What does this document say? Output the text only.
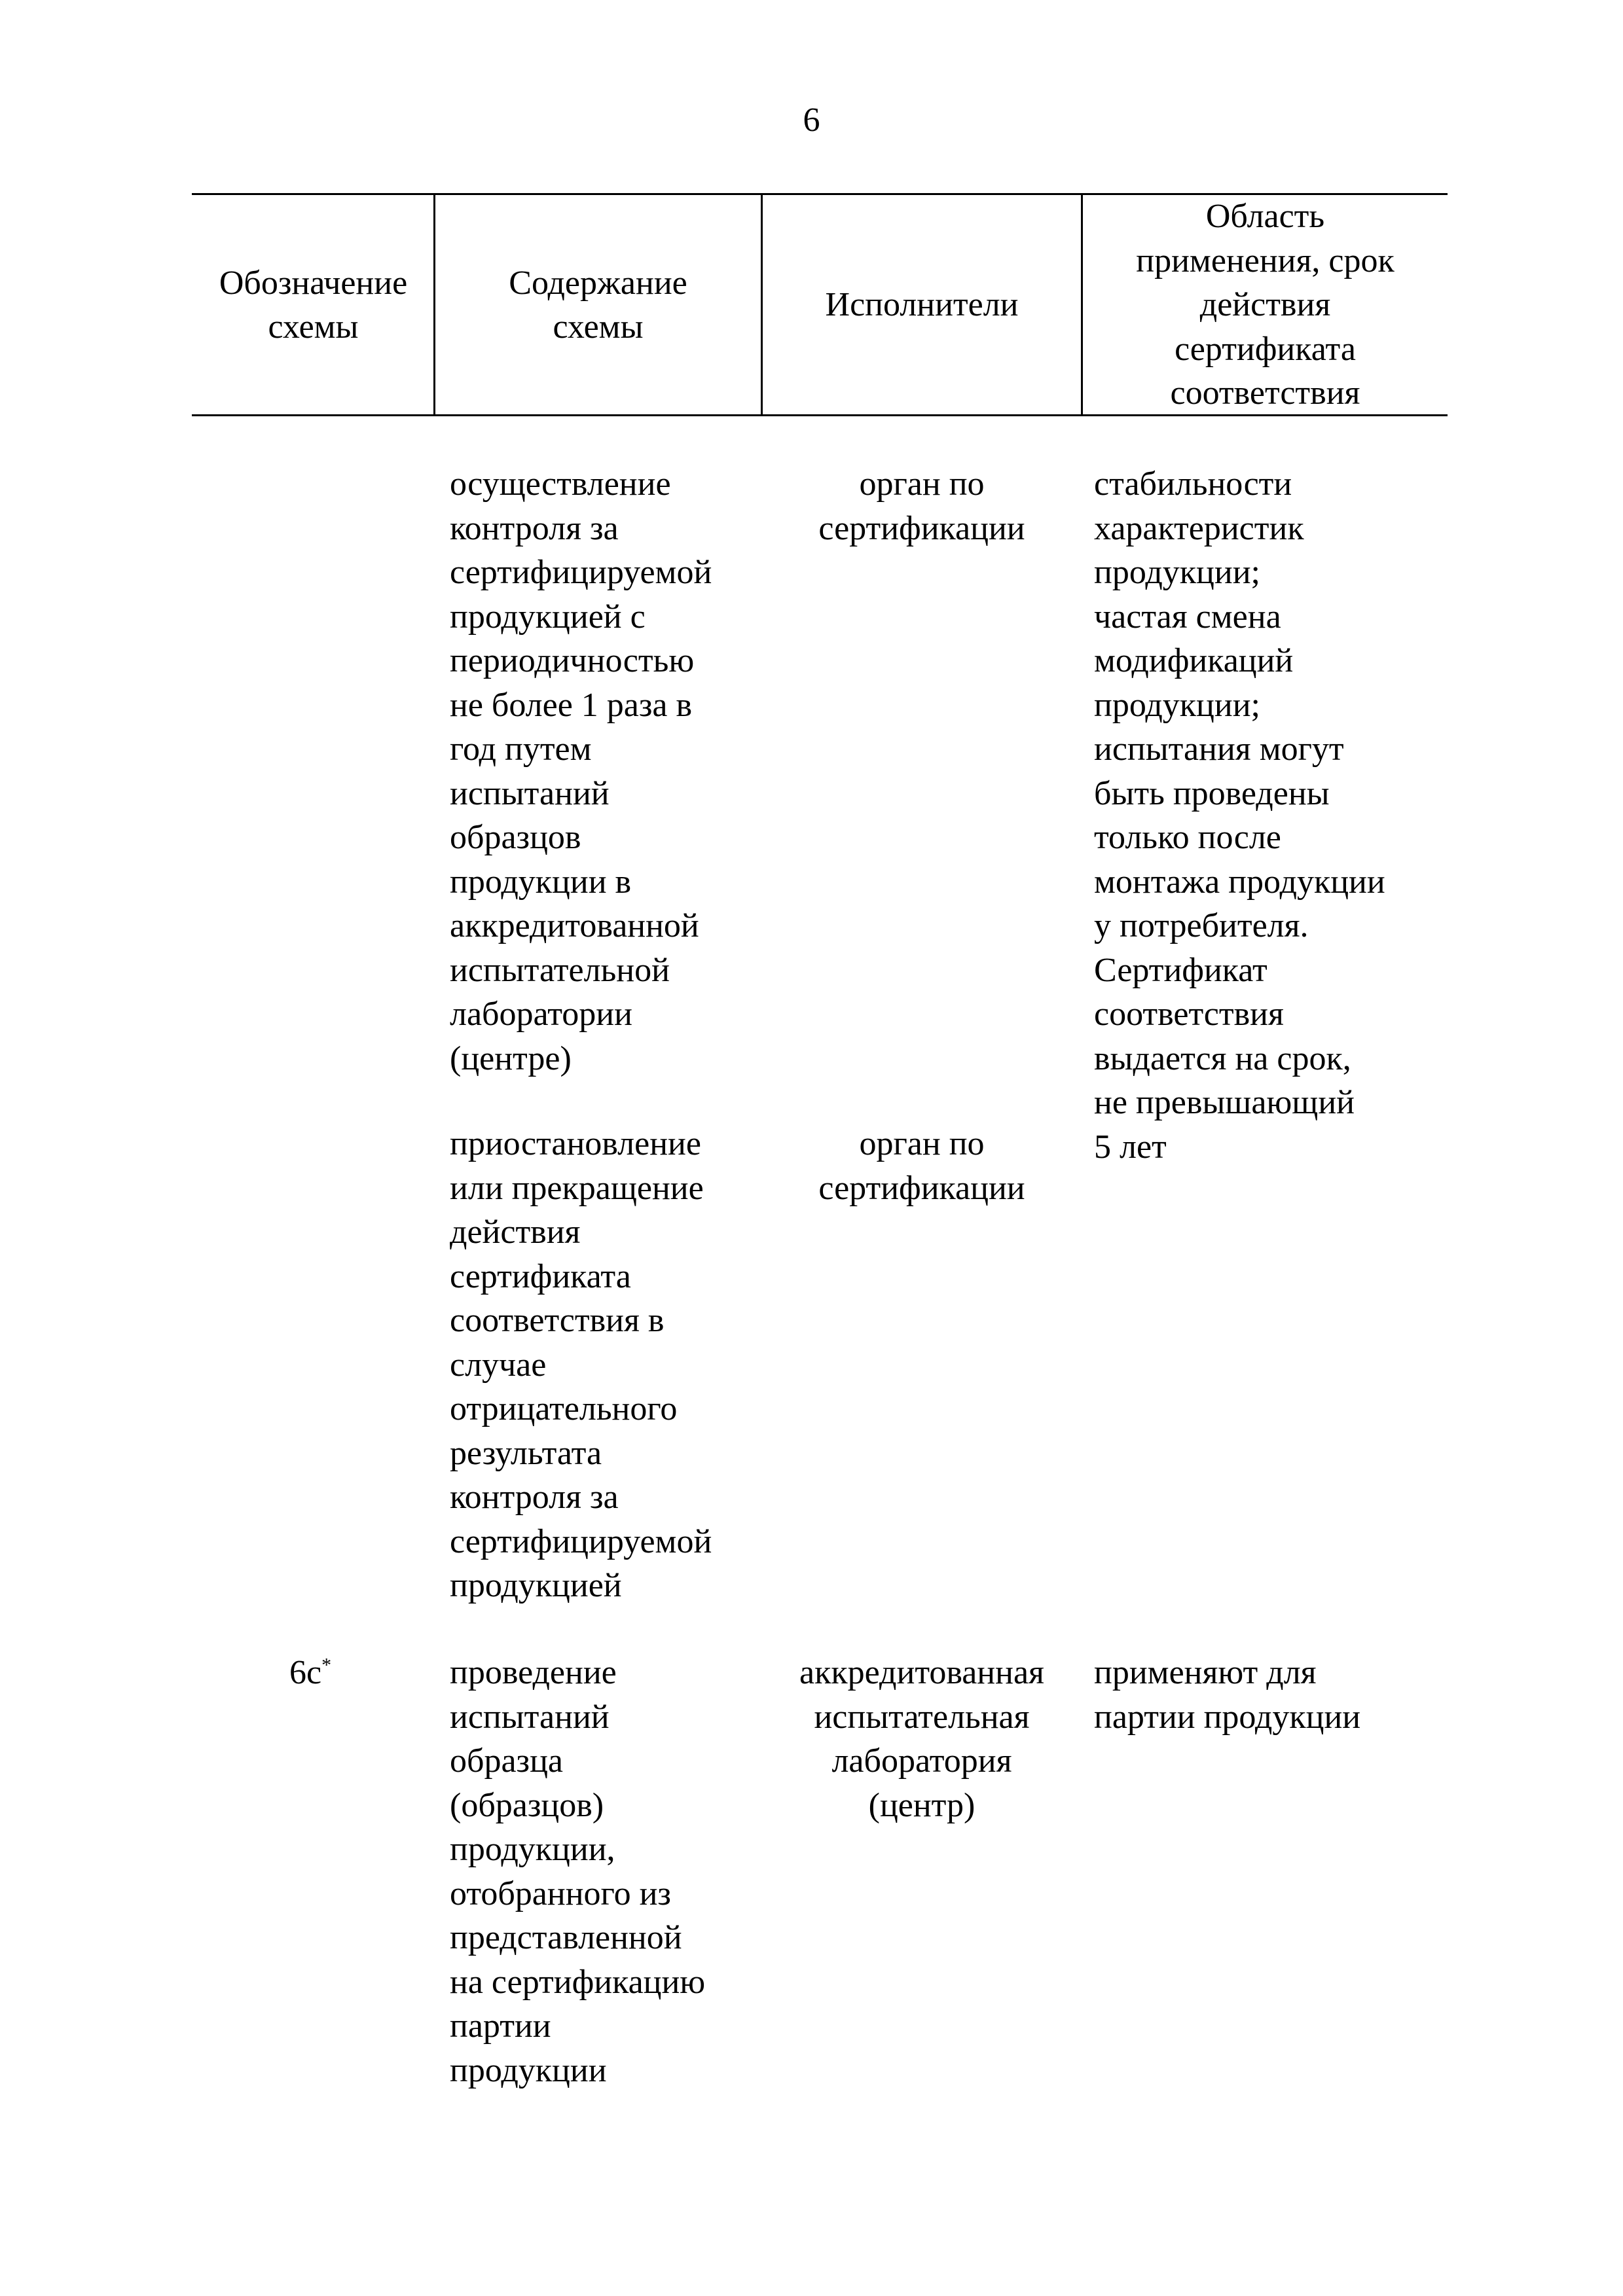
6
Обозначение
схемы
Содержание
схемы
Исполнители
Область
применения, срок
действия
сертификата
соответствия
осуществление
контроля за
сертифицируемой
продукцией с
периодичностью
не более 1 раза в
год путем
испытаний
образцов
продукции в
аккредитованной
испытательной
лаборатории
(центре)
орган по
сертификации
стабильности
характеристик
продукции;
частая смена
модификаций
продукции;
испытания могут
быть проведены
только после
монтажа продукции
у потребителя.
Сертификат
соответствия
выдается на срок,
не превышающий
5 лет
приостановление
или прекращение
действия
сертификата
соответствия в
случае
отрицательного
результата
контроля за
сертифицируемой
продукцией
орган по
сертификации
6с*	проведение
испытаний
образца
(образцов)
продукции,
отобранного из
представленной
на сертификацию
партии
продукции
аккредитованная
испытательная
лаборатория
(центр)
применяют для
партии продукции
